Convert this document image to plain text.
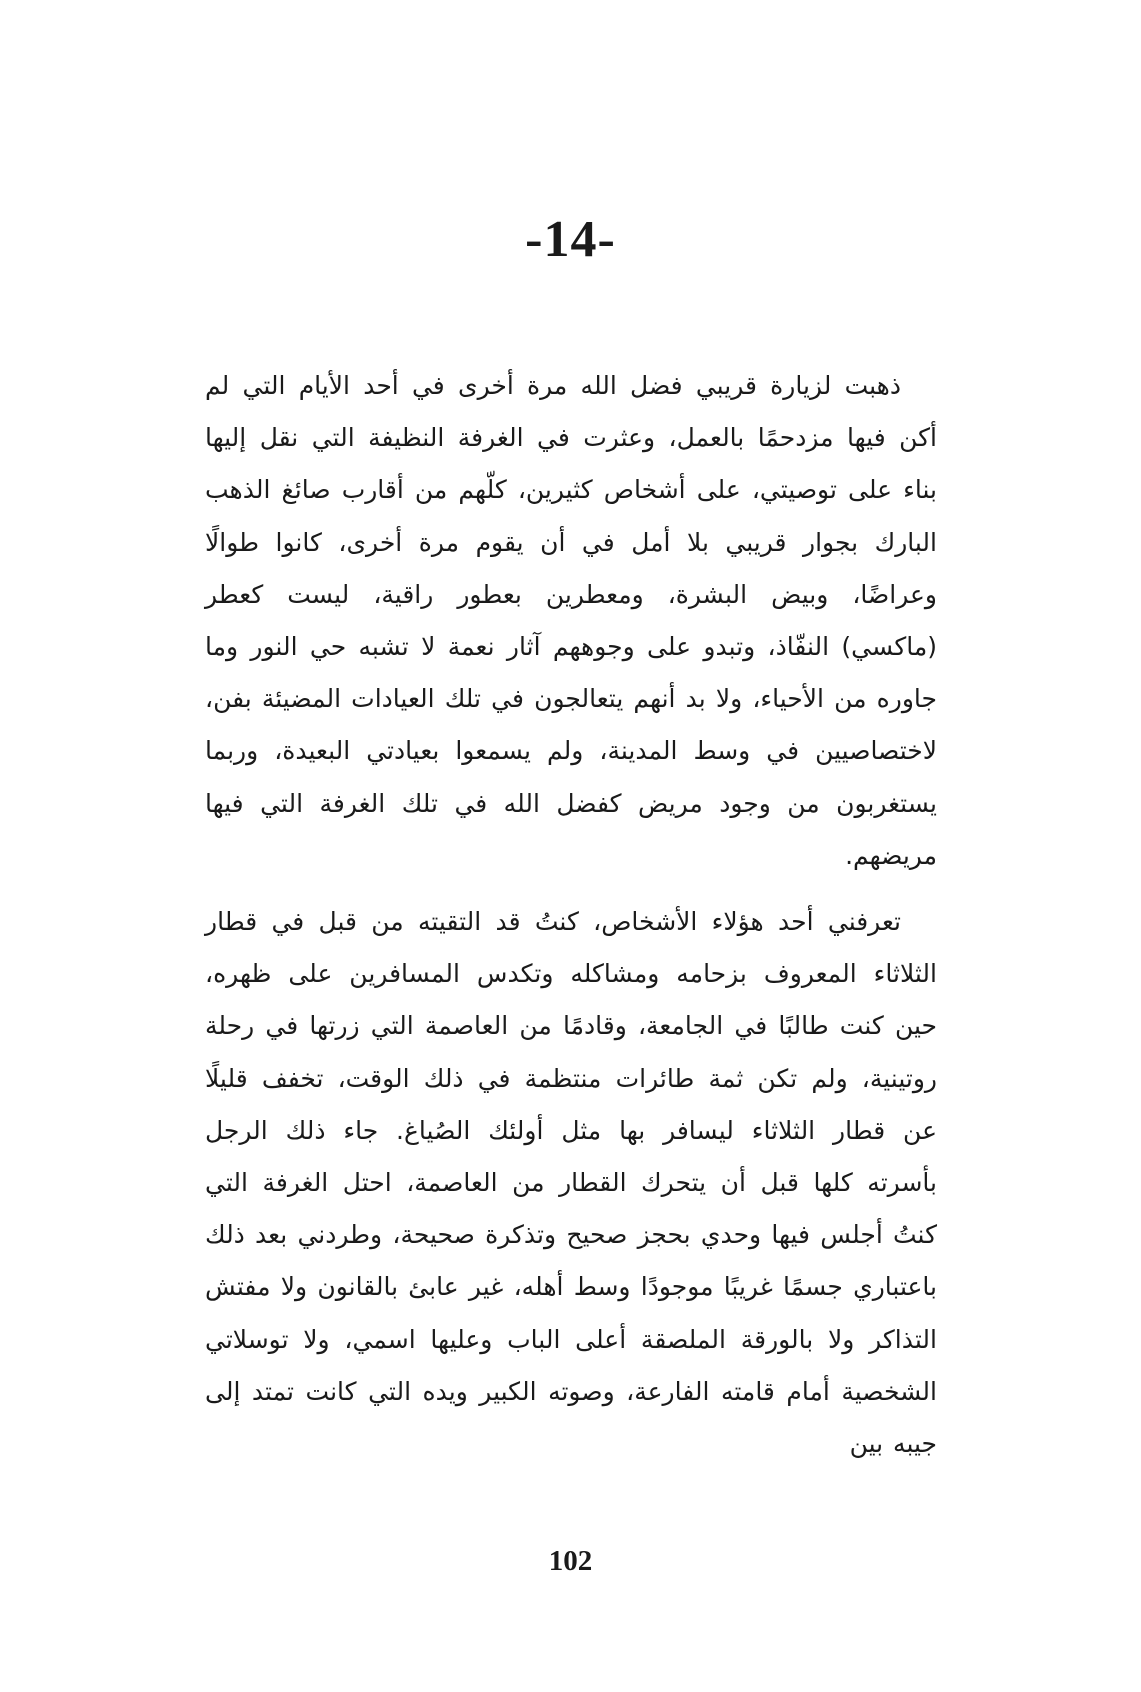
-14-

ذهبت لزيارة قريبي فضل الله مرة أخرى في أحد الأيام التي لم أكن فيها مزدحمًا بالعمل، وعثرت في الغرفة النظيفة التي نقل إليها بناء على توصيتي، على أشخاص كثيرين، كلّهم من أقارب صائغ الذهب البارك بجوار قريبي بلا أمل في أن يقوم مرة أخرى، كانوا طوالًا وعراضًا، وبيض البشرة، ومعطرين بعطور راقية، ليست كعطر (ماكسي) النفّاذ، وتبدو على وجوههم آثار نعمة لا تشبه حي النور وما جاوره من الأحياء، ولا بد أنهم يتعالجون في تلك العيادات المضيئة بفن، لاختصاصيين في وسط المدينة، ولم يسمعوا بعيادتي البعيدة، وربما يستغربون من وجود مريض كفضل الله في تلك الغرفة التي فيها مريضهم.

تعرفني أحد هؤلاء الأشخاص، كنتُ قد التقيته من قبل في قطار الثلاثاء المعروف بزحامه ومشاكله وتكدس المسافرين على ظهره، حين كنت طالبًا في الجامعة، وقادمًا من العاصمة التي زرتها في رحلة روتينية، ولم تكن ثمة طائرات منتظمة في ذلك الوقت، تخفف قليلًا عن قطار الثلاثاء ليسافر بها مثل أولئك الصُياغ. جاء ذلك الرجل بأسرته كلها قبل أن يتحرك القطار من العاصمة، احتل الغرفة التي كنتُ أجلس فيها وحدي بحجز صحيح وتذكرة صحيحة، وطردني بعد ذلك باعتباري جسمًا غريبًا موجودًا وسط أهله، غير عابئ بالقانون ولا مفتش التذاكر ولا بالورقة الملصقة أعلى الباب وعليها اسمي، ولا توسلاتي الشخصية أمام قامته الفارعة، وصوته الكبير ويده التي كانت تمتد إلى جيبه بين

102
